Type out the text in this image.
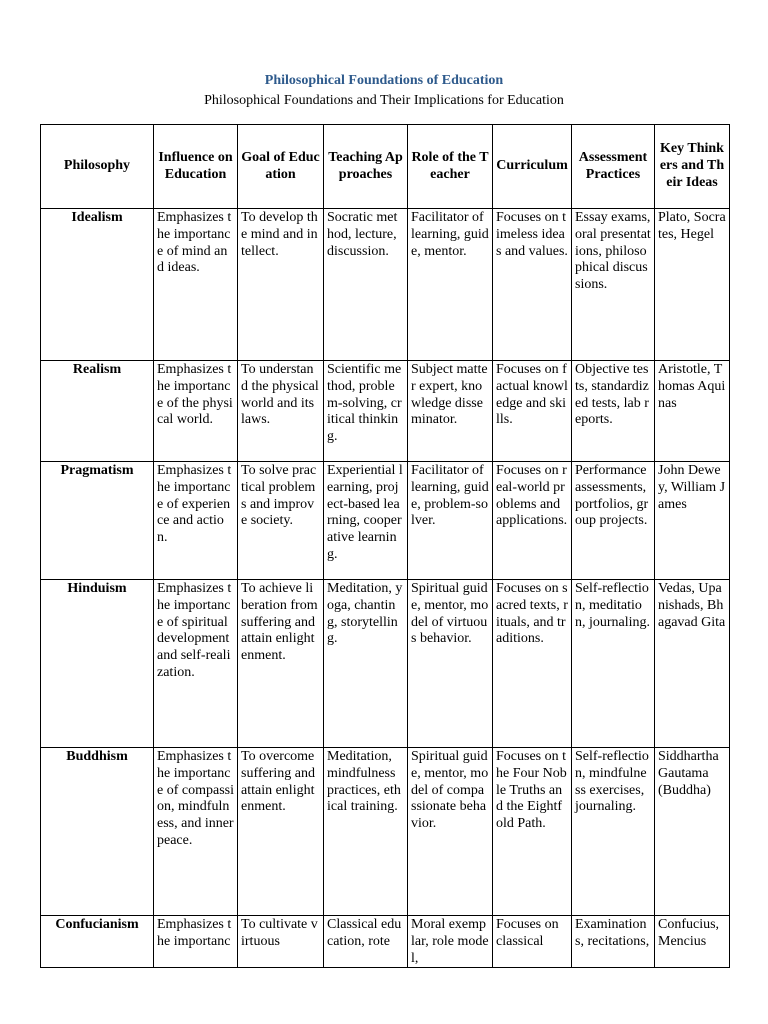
Philosophical Foundations of Education
Philosophical Foundations and Their Implications for Education
Philosophy	Influence on Education	Goal of Education	Teaching Approaches	Role of the Teacher	Curriculum	Assessment Practices	Key Thinkers and Their Ideas
Idealism	Emphasizes the importance of mind and ideas.	To develop the mind and intellect.	Socratic method, lecture, discussion.	Facilitator of learning, guide, mentor.	Focuses on timeless ideas and values.	Essay exams, oral presentations, philosophical discussions.	Plato, Socrates, Hegel
Realism	Emphasizes the importance of the physical world.	To understand the physical world and its laws.	Scientific method, problem-solving, critical thinking.	Subject matter expert, knowledge disseminator.	Focuses on factual knowledge and skills.	Objective tests, standardized tests, lab reports.	Aristotle, Thomas Aquinas
Pragmatism	Emphasizes the importance of experience and action.	To solve practical problems and improve society.	Experiential learning, project-based learning, cooperative learning.	Facilitator of learning, guide, problem-solver.	Focuses on real-world problems and applications.	Performance assessments, portfolios, group projects.	John Dewey, William James
Hinduism	Emphasizes the importance of spiritual development and self-realization.	To achieve liberation from suffering and attain enlightenment.	Meditation, yoga, chanting, storytelling.	Spiritual guide, mentor, model of virtuous behavior.	Focuses on sacred texts, rituals, and traditions.	Self-reflection, meditation, journaling.	Vedas, Upanishads, Bhagavad Gita
Buddhism	Emphasizes the importance of compassion, mindfulness, and inner peace.	To overcome suffering and attain enlightenment.	Meditation, mindfulness practices, ethical training.	Spiritual guide, mentor, model of compassionate behavior.	Focuses on the Four Noble Truths and the Eightfold Path.	Self-reflection, mindfulness exercises, journaling.	Siddhartha Gautama (Buddha)
Confucianism	Emphasizes the importanc	To cultivate virtuous	Classical education, rote	Moral exemplar, role model,	Focuses on classical	Examinations, recitations,	Confucius, Mencius
